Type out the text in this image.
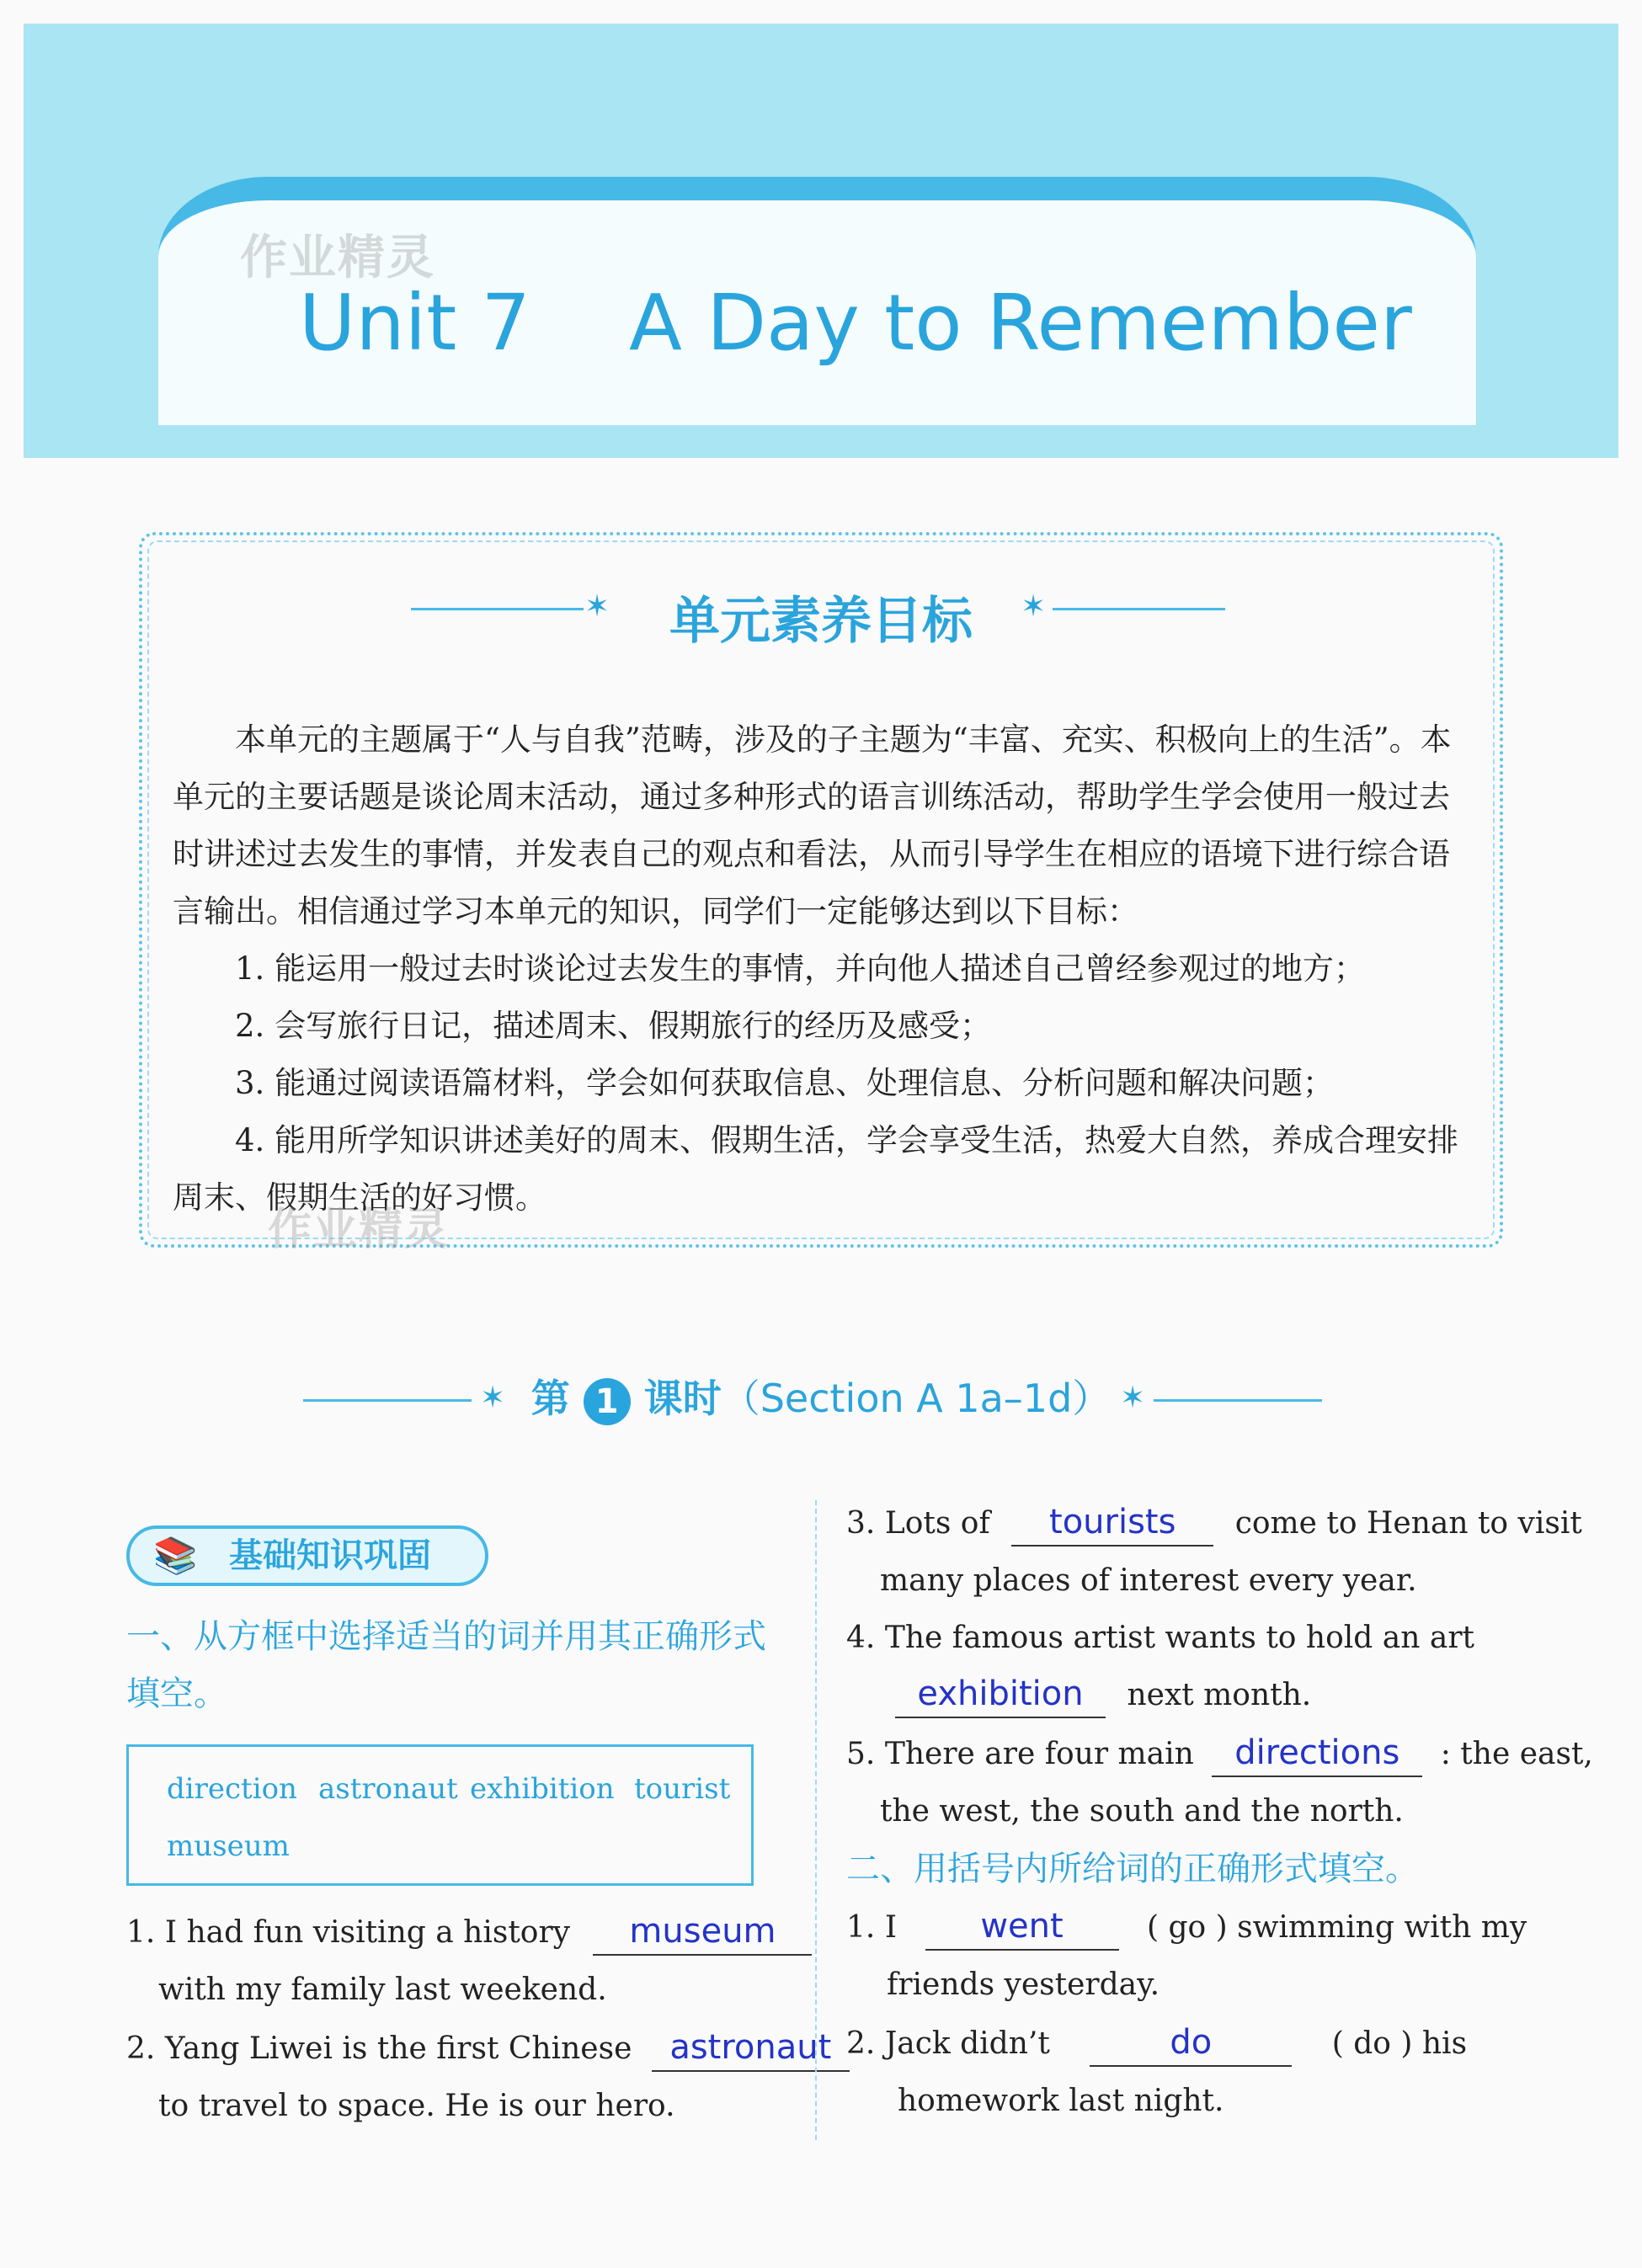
作业精灵
Unit 7    A Day to Remember
✶	单元素养目标	✶

本单元的主题属于“人与自我”范畴，涉及的子主题为“丰富、充实、积极向上的生活”。本单元的主要话题是谈论周末活动，通过多种形式的语言训练活动，帮助学生学会使用一般过去时讲述过去发生的事情，并发表自己的观点和看法，从而引导学生在相应的语境下进行综合语言输出。相信通过学习本单元的知识，同学们一定能够达到以下目标：

1. 能运用一般过去时谈论过去发生的事情，并向他人描述自己曾经参观过的地方；

2. 会写旅行日记，描述周末、假期旅行的经历及感受；

3. 能通过阅读语篇材料，学会如何获取信息、处理信息、分析问题和解决问题；

4. 能用所学知识讲述美好的周末、假期生活，学会享受生活，热爱大自然，养成合理安排周末、假期生活的好习惯。

作业精灵
✶ 第 1 课时（Section A 1a–1d） ✶
📚 基础知识巩固
一、从方框中选择适当的词并用其正确形式
填空。
direction astronaut exhibition tourist
museum
1. I had fun visiting a history museum
with my family last weekend.
2. Yang Liwei is the first Chinese astronaut
to travel to space. He is our hero.
3. Lots of tourists come to Henan to visit
many places of interest every year.
4. The famous artist wants to hold an art
exhibition next month.
5. There are four main directions : the east,
the west, the south and the north.
二、用括号内所给词的正确形式填空。
1. I went	( go ) swimming with my
friends yesterday.
2. Jack didn’t	do	( do ) his
homework last night.
